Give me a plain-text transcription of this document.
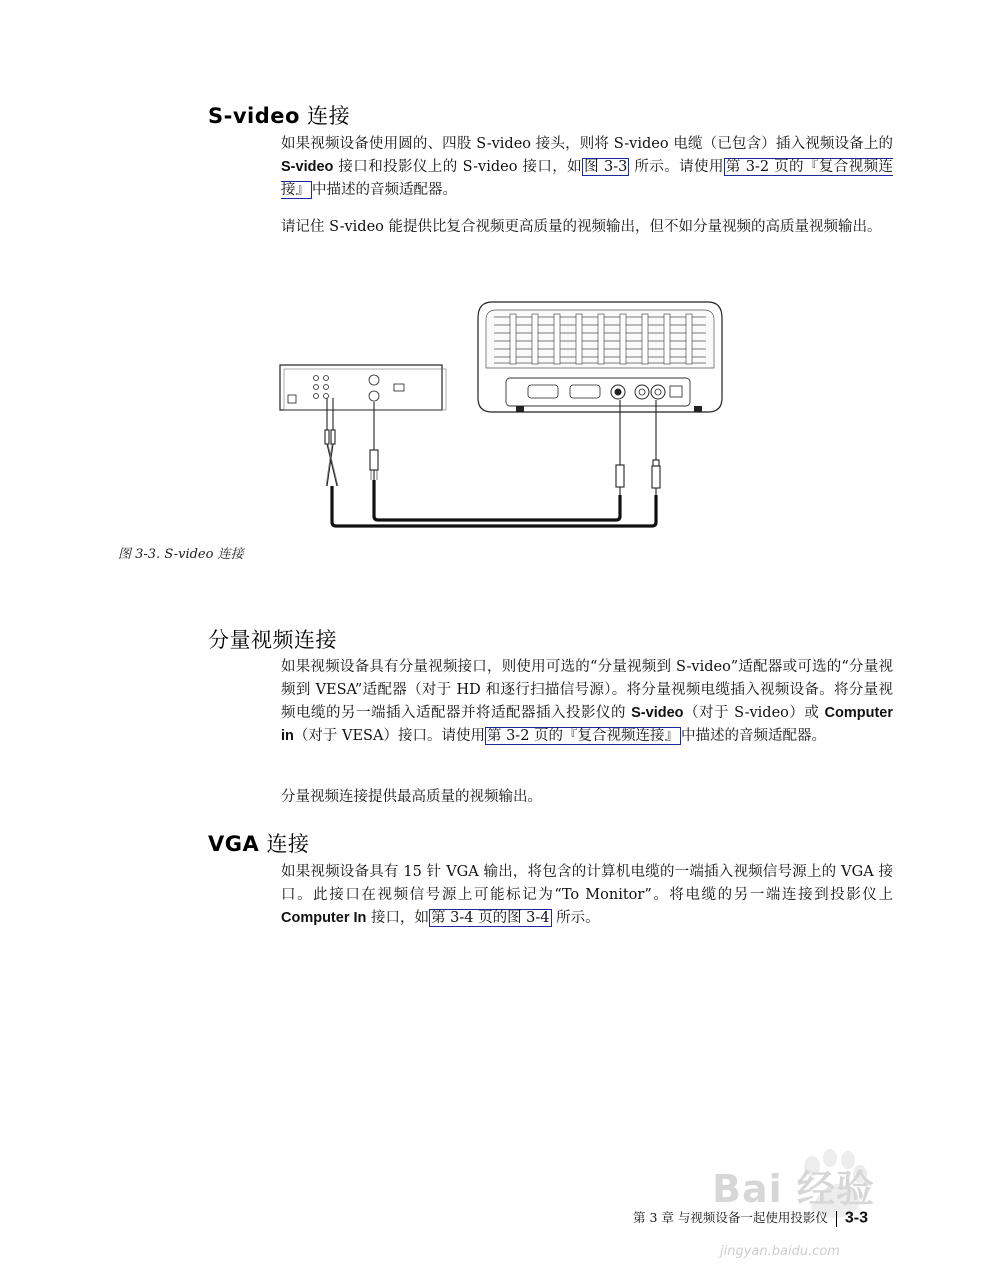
S-video 连接

如果视频设备使用圆的、四股 S-video 接头，则将 S-video 电缆（已包含）插入视频设备上的 S-video 接口和投影仪上的 S-video 接口，如 图 3-3 所示。请使用 第 3-2 页的『复合视频连接』 中描述的音频适配器。

请记住 S-video 能提供比复合视频更高质量的视频输出，但不如分量视频的高质量视频输出。

图 3-3. S-video 连接
分量视频连接

如果视频设备具有分量视频接口，则使用可选的“分量视频到 S-video”适配器或可选的“分量视频到 VESA”适配器（对于 HD 和逐行扫描信号源）。将分量视频电缆插入视频设备。将分量视频电缆的另一端插入适配器并将适配器插入投影仪的 S-video（对于 S-video）或 Computer in（对于 VESA）接口。请使用 第 3-2 页的『复合视频连接』 中描述的音频适配器。

分量视频连接提供最高质量的视频输出。

VGA 连接

如果视频设备具有 15 针 VGA 输出，将包含的计算机电缆的一端插入视频信号源上的 VGA 接口。此接口在视频信号源上可能标记为“To Monitor”。将电缆的另一端连接到投影仪上 Computer In 接口，如 第 3-4 页的图 3-4 所示。

Bai 经验
jingyan.baidu.com
第 3 章 与视频设备一起使用投影仪 3-3
